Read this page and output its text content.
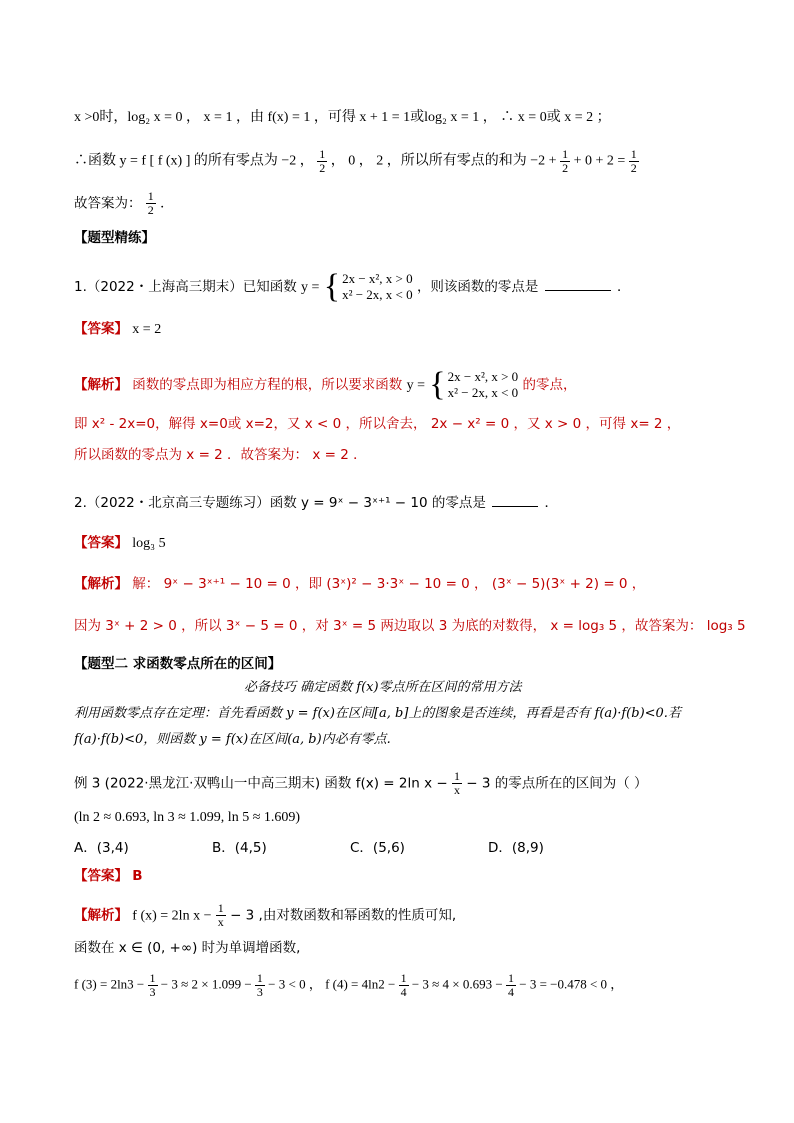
x >0时，log₂ x = 0 ， x = 1 ，由 f(x) = 1 ，可得 x + 1 = 1或log₂ x = 1 ， ∴ x = 0或 x = 2 ；
∴函数 y = f [ f (x) ] 的所有零点为 −2 ， $\frac{1}{2}$ ， 0 ， 2 ，所以所有零点的和为 $-2 + \frac{1}{2} + 0 + 2 = \frac{1}{2}$
故答案为： $\frac{1}{2}$ ．
【题型精练】
1.（2022・上海高三期末）已知函数 y = { 2x − x², x > 0
x² − 2x, x < 0 ，则该函数的零点是	．
【答案】 x = 2
【解析】 函数的零点即为相应方程的根，所以要求函数 y = { 2x − x², x > 0
x² − 2x, x < 0 的零点，
即 x² - 2x=0，解得 x=0或 x=2，又 x < 0 ，所以舍去， 2x − x² = 0 ，又 x > 0 ，可得 x= 2 ，
所以函数的零点为 x = 2 ．故答案为： x = 2 ．
2.（2022・北京高三专题练习）函数 y = 9ˣ − 3ˣ⁺¹ − 10 的零点是	．
【答案】 log₃ 5
【解析】 解： 9ˣ − 3ˣ⁺¹ − 10 = 0 ，即 (3ˣ)² − 3·3ˣ − 10 = 0 ， (3ˣ − 5)(3ˣ + 2) = 0 ，
因为 3ˣ + 2 > 0 ，所以 3ˣ − 5 = 0 ，对 3ˣ = 5 两边取以 3 为底的对数得， x = log₃ 5 ，故答案为： log₃ 5
【题型二 求函数零点所在的区间】
必备技巧 确定函数 f(x)零点所在区间的常用方法
利用函数零点存在定理：首先看函数 y = f(x)在区间[a, b]上的图象是否连续，再看是否有 f(a)·f(b)<0.若
f(a)·f(b)<0，则函数 y = f(x)在区间(a, b)内必有零点.
例 3 (2022·黑龙江·双鸭山一中高三期末) 函数 f(x) = 2ln $x - \frac{1}{x} - 3$ 的零点所在的区间为（ ）
(ln 2 ≈ 0.693, ln 3 ≈ 1.099, ln 5 ≈ 1.609)
A．(3,4)	B．(4,5)	C．(5,6)	D．(8,9)
【答案】 B
【解析】 f (x) = 2ln $x - \frac{1}{x} - 3$ ,由对数函数和幂函数的性质可知,
函数在 x ∈ (0, +∞) 时为单调增函数,
f $(3) = 2\ln 3 - \frac{1}{3} - 3 \approx 2 \times 1.099 - \frac{1}{3} - 3 < 0$ ， f $(4) = 4\ln 2 - \frac{1}{4} - 3 \approx 4 \times 0.693 - \frac{1}{4} - 3 = -0.478 < 0$ ，
